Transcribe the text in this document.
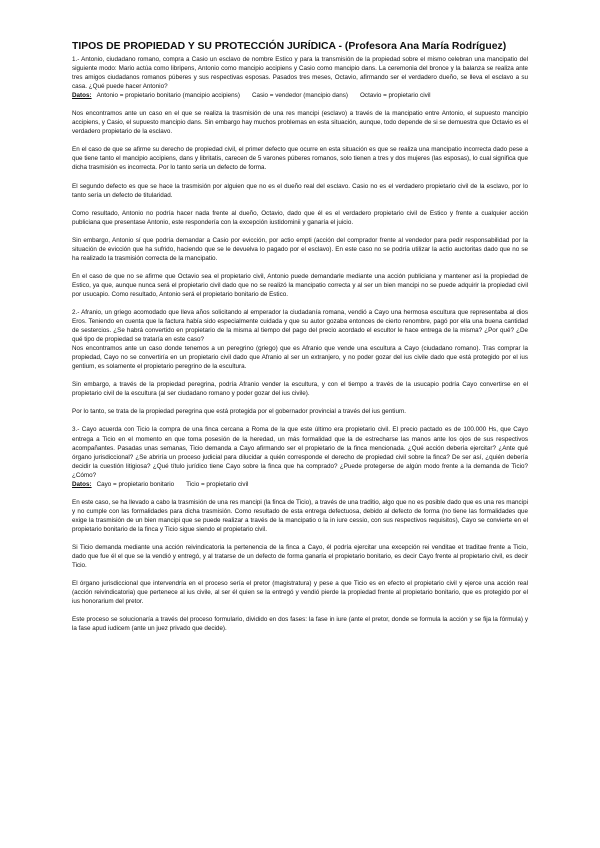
TIPOS DE PROPIEDAD Y SU PROTECCIÓN JURÍDICA - (Profesora Ana María Rodríguez)

1.- Antonio, ciudadano romano, compra a Casio un esclavo de nombre Estico y para la transmisión de la propiedad sobre el mismo celebran una mancipatio del siguiente modo: Mario actúa como libripens, Antonio como mancipio accipiens y Casio como mancipio dans. La ceremonia del bronce y la balanza se realiza ante tres amigos ciudadanos romanos púberes y sus respectivas esposas. Pasados tres meses, Octavio, afirmando ser el verdadero dueño, se lleva el esclavo a su casa. ¿Qué puede hacer Antonio?

Datos: Antonio = propietario bonitario (mancipio accipiens) Casio = vendedor (mancipio dans) Octavio = propietario civil

Nos encontramos ante un caso en el que se realiza la trasmisión de una res mancipi (esclavo) a través de la mancipatio entre Antonio, el supuesto mancipio accipiens, y Casio, el supuesto mancipio dans. Sin embargo hay muchos problemas en esta situación, aunque, todo depende de si se demuestra que Octavio es el verdadero propietario de la esclavo.

En el caso de que se afirme su derecho de propiedad civil, el primer defecto que ocurre en esta situación es que se realiza una mancipatio incorrecta dado pese a que tiene tanto el mancipio accipiens, dans y libritatis, carecen de 5 varones púberes romanos, solo tienen a tres y dos mujeres (las esposas), lo cual significa que dicha trasmisión es incorrecta. Por lo tanto sería un defecto de forma.

El segundo defecto es que se hace la trasmisión por alguien que no es el dueño real del esclavo. Casio no es el verdadero propietario civil de la esclavo, por lo tanto sería un defecto de titularidad.

Como resultado, Antonio no podría hacer nada frente al dueño, Octavio, dado que él es el verdadero propietario civil de Estico y frente a cualquier acción publiciana que presentase Antonio, este respondería con la excepción iustidominii y ganaría el juicio.

Sin embargo, Antonio sí que podría demandar a Casio por evicción, por actio empti (acción del comprador frente al vendedor para pedir responsabilidad por la situación de evicción que ha sufrido, haciendo que se le devuelva lo pagado por el esclavo). En este caso no se podría utilizar la actio auctoritas dado que no se ha realizado la trasmisión correcta de la mancipatio.

En el caso de que no se afirme que Octavio sea el propietario civil, Antonio puede demandarle mediante una acción publiciana y mantener así la propiedad de Estico, ya que, aunque nunca será el propietario civil dado que no se realizó la mancipatio correcta y al ser un bien mancipi no se puede adquirir la propiedad civil por usucapio. Como resultado, Antonio será el propietario bonitario de Estico.

2.- Afranio, un griego acomodado que lleva años solicitando al emperador la ciudadanía romana, vendió a Cayo una hermosa escultura que representaba al dios Eros. Teniendo en cuenta que la factura había sido especialmente cuidada y que su autor gozaba entonces de cierto renombre, pagó por ella una buena cantidad de sestercios. ¿Se habrá convertido en propietario de la misma al tiempo del pago del precio acordado el escultor le hace entrega de la misma? ¿Por qué? ¿De qué tipo de propiedad se trataría en este caso?

Nos encontramos ante un caso donde tenemos a un peregrino (griego) que es Afranio que vende una escultura a Cayo (ciudadano romano). Tras comprar la propiedad, Cayo no se convertiría en un propietario civil dado que Afranio al ser un extranjero, y no poder gozar del ius civile dado que está protegido por el ius gentium, es solamente el propietario peregrino de la escultura.

Sin embargo, a través de la propiedad peregrina, podría Afranio vender la escultura, y con el tiempo a través de la usucapio podría Cayo convertirse en el propietario civil de la escultura (al ser ciudadano romano y poder gozar del ius civile).

Por lo tanto, se trata de la propiedad peregrina que está protegida por el gobernador provincial a través del ius gentium.

3.- Cayo acuerda con Ticio la compra de una finca cercana a Roma de la que este último era propietario civil. El precio pactado es de 100.000 Hs, que Cayo entrega a Ticio en el momento en que toma posesión de la heredad, un más formalidad que la de estrecharse las manos ante los ojos de sus respectivos acompañantes. Pasadas unas semanas, Ticio demanda a Cayo afirmando ser el propietario de la finca mencionada. ¿Qué acción debería ejercitar? ¿Ante qué órgano jurisdiccional? ¿Se abriría un proceso judicial para dilucidar a quién corresponde el derecho de propiedad civil sobre la finca? De ser así, ¿quién debería decidir la cuestión litigiosa? ¿Qué título jurídico tiene Cayo sobre la finca que ha comprado? ¿Puede protegerse de algún modo frente a la demanda de Ticio? ¿Cómo?

Datos: Cayo = propietario bonitario Ticio = propietario civil

En este caso, se ha llevado a cabo la trasmisión de una res mancipi (la finca de Ticio), a través de una traditio, algo que no es posible dado que es una res mancipi y no cumple con las formalidades para dicha trasmisión. Como resultado de esta entrega defectuosa, debido al defecto de forma (no tiene las formalidades que exige la trasmisión de un bien mancipi que se puede realizar a través de la mancipatio o la in iure cessio, con sus respectivos requisitos), Cayo se convierte en el propietario bonitario de la finca y Ticio sigue siendo el propietario civil.

Si Ticio demanda mediante una acción reivindicatoria la pertenencia de la finca a Cayo, él podría ejercitar una excepción rei venditae et traditae frente a Ticio, dado que fue él el que se la vendió y entregó, y al tratarse de un defecto de forma ganaría el propietario bonitario, es decir Cayo frente al propietario civil, es decir Ticio.

El órgano jurisdiccional que intervendría en el proceso sería el pretor (magistratura) y pese a que Ticio es en efecto el propietario civil y ejerce una acción real (acción reivindicatoria) que pertenece al ius civile, al ser él quien se la entregó y vendió pierde la propiedad frente al propietario bonitario, que es protegido por el ius honorarium del pretor.

Este proceso se solucionaría a través del proceso formulario, dividido en dos fases: la fase in iure (ante el pretor, donde se formula la acción y se fija la fórmula) y la fase apud iudicem (ante un juez privado que decide).
